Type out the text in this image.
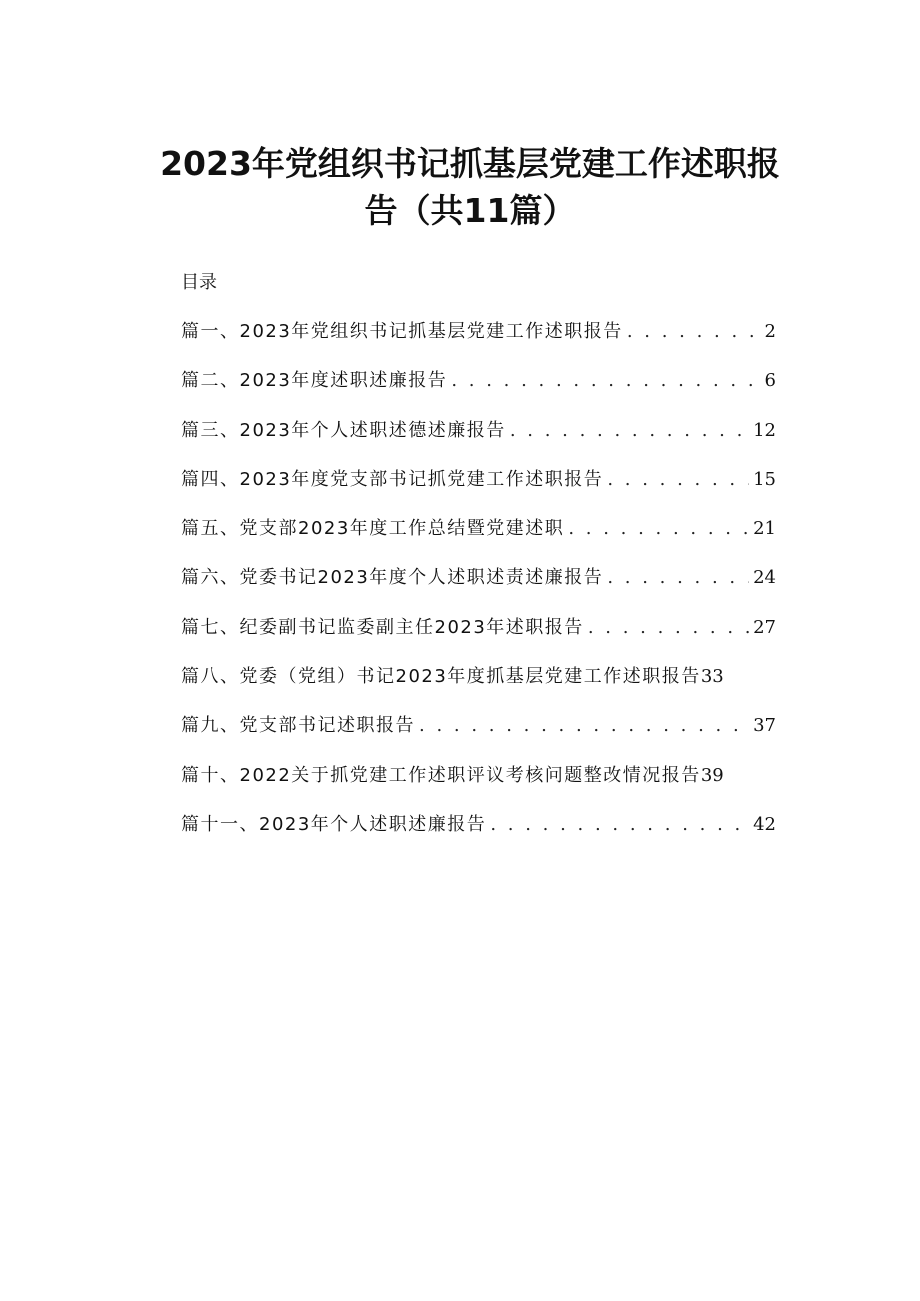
2023年党组织书记抓基层党建工作述职报
告（共11篇）

目录

篇一、2023年党组织书记抓基层党建工作述职报告 . . .	2
篇二、2023年度述职述廉报告 . . .	6
篇三、2023年个人述职述德述廉报告 . . .	12
篇四、2023年度党支部书记抓党建工作述职报告 . . .	15
篇五、党支部2023年度工作总结暨党建述职 . . .	21
篇六、党委书记2023年度个人述职述责述廉报告 . . .	24
篇七、纪委副书记监委副主任2023年述职报告 . . .	27
篇八、党委（党组）书记2023年度抓基层党建工作述职报告 33
篇九、党支部书记述职报告 . . .	37
篇十、2022关于抓党建工作述职评议考核问题整改情况报告 39
篇十一、2023年个人述职述廉报告 . . .	42
